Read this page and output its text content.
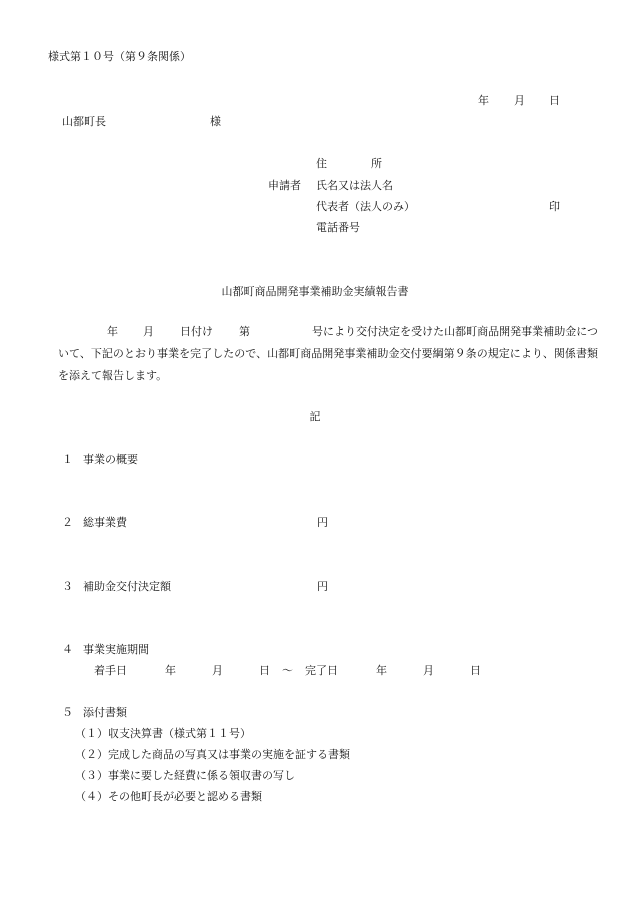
様式第１０号（第９条関係）
年 月 日
山都町長	様
住　　　　所
申請者 氏名又は法人名
代表者（法人のみ）	印
電話番号
山都町商品開発事業補助金実績報告書
年 月 日付け 第	号により交付決定を受けた山都町商品開発事業補助金について、下記のとおり事業を完了したので、山都町商品開発事業補助金交付要綱第９条の規定により、関係書類を添えて報告します。
記
１ 事業の概要
２ 総事業費	円
３ 補助金交付決定額	円
４ 事業実施期間
着手日	年	月	日 〜 完了日	年	月	日
５ 添付書類
（１）収支決算書（様式第１１号）
（２）完成した商品の写真又は事業の実施を証する書類
（３）事業に要した経費に係る領収書の写し
（４）その他町長が必要と認める書類
